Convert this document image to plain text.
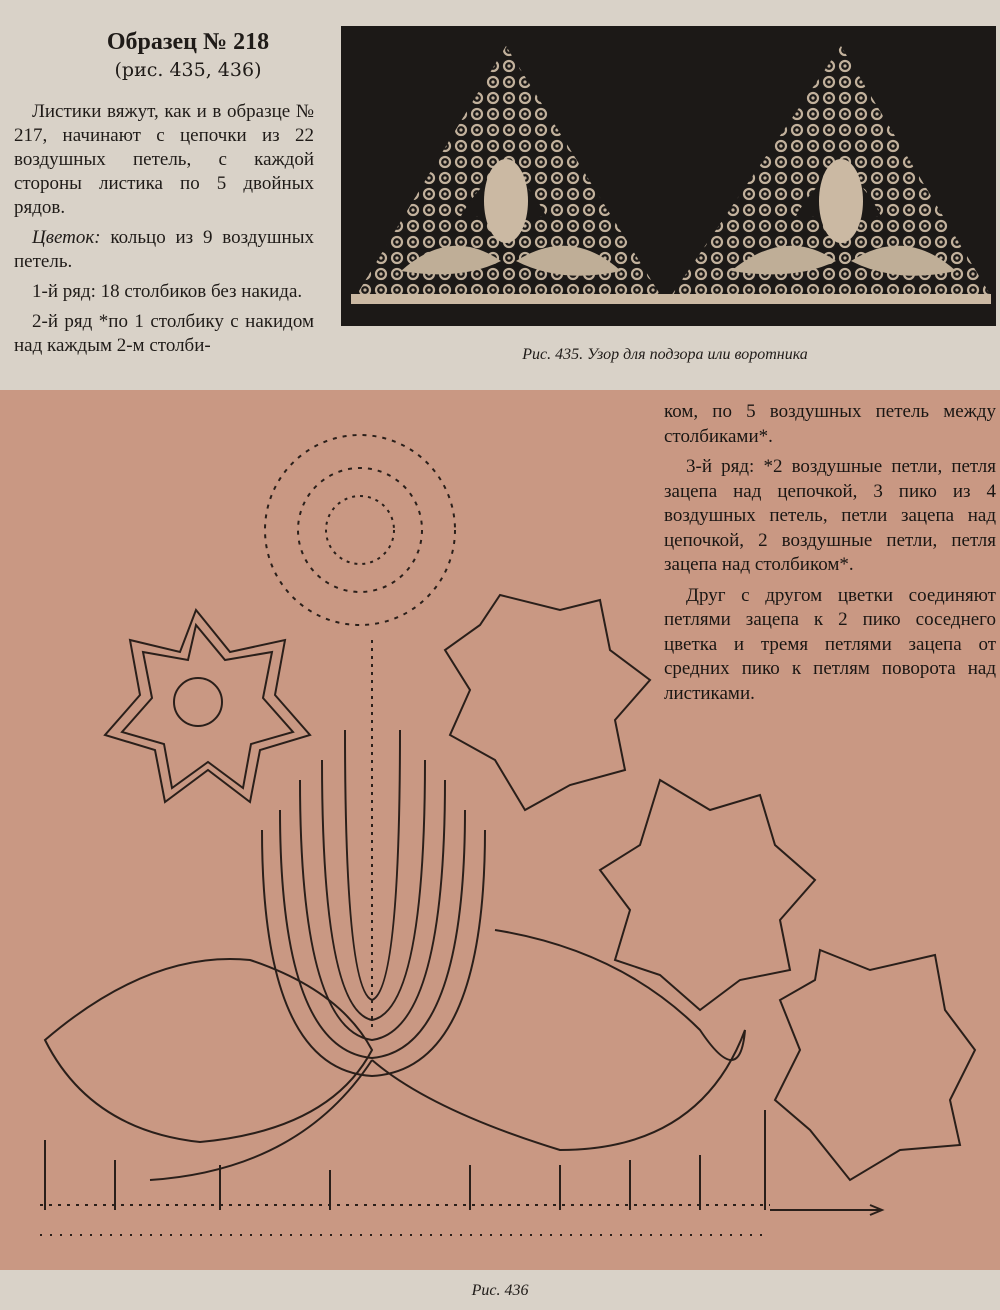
Образец № 218
(рис. 435, 436)

Листики вяжут, как и в образце № 217, начинают с цепочки из 22 воздушных петель, с каждой стороны листика по 5 двойных рядов.

Цветок: кольцо из 9 воздушных петель.

1-й ряд: 18 столбиков без накида.

2-й ряд *по 1 столбику с накидом над каждым 2-м столби-	Рис. 435. Узор для подзора или воротника

ком, по 5 воздушных петель между столбиками*.

3-й ряд: *2 воздушные петли, петля зацепа над цепочкой, 3 пико из 4 воздушных петель, петли зацепа над цепочкой, 2 воздушные петли, петля зацепа над столбиком*.

Друг с другом цветки соединяют петлями зацепа к 2 пико соседнего цветка и тремя петлями зацепа от средних пико к петлям поворота над листиками.

Рис. 436
